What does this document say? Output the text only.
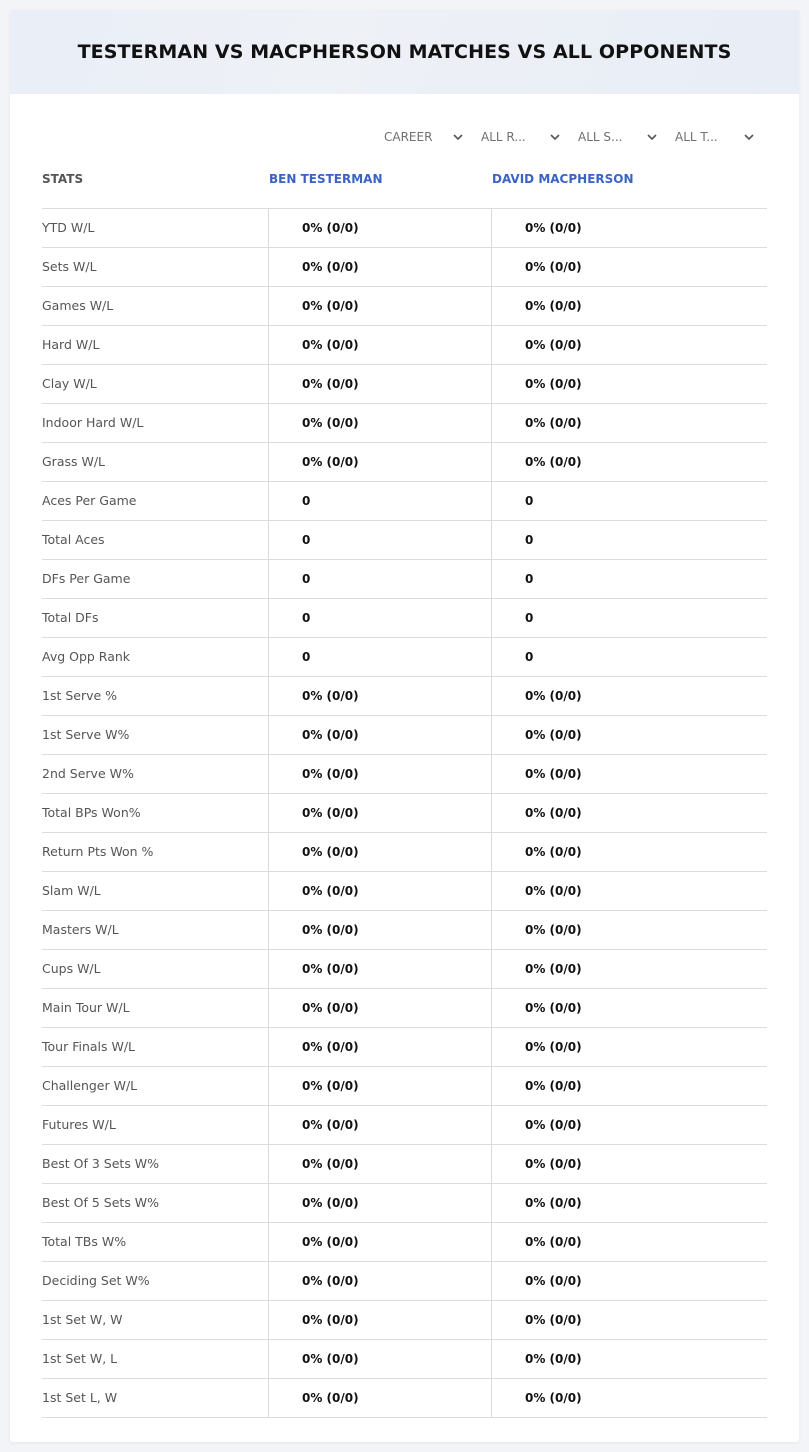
TESTERMAN VS MACPHERSON MATCHES VS ALL OPPONENTS
CAREER	ALL R...	ALL S...	ALL T...
STATS	BEN TESTERMAN	DAVID MACPHERSON
YTD W/L	0% (0/0)	0% (0/0)
Sets W/L	0% (0/0)	0% (0/0)
Games W/L	0% (0/0)	0% (0/0)
Hard W/L	0% (0/0)	0% (0/0)
Clay W/L	0% (0/0)	0% (0/0)
Indoor Hard W/L	0% (0/0)	0% (0/0)
Grass W/L	0% (0/0)	0% (0/0)
Aces Per Game	0	0
Total Aces	0	0
DFs Per Game	0	0
Total DFs	0	0
Avg Opp Rank	0	0
1st Serve %	0% (0/0)	0% (0/0)
1st Serve W%	0% (0/0)	0% (0/0)
2nd Serve W%	0% (0/0)	0% (0/0)
Total BPs Won%	0% (0/0)	0% (0/0)
Return Pts Won %	0% (0/0)	0% (0/0)
Slam W/L	0% (0/0)	0% (0/0)
Masters W/L	0% (0/0)	0% (0/0)
Cups W/L	0% (0/0)	0% (0/0)
Main Tour W/L	0% (0/0)	0% (0/0)
Tour Finals W/L	0% (0/0)	0% (0/0)
Challenger W/L	0% (0/0)	0% (0/0)
Futures W/L	0% (0/0)	0% (0/0)
Best Of 3 Sets W%	0% (0/0)	0% (0/0)
Best Of 5 Sets W%	0% (0/0)	0% (0/0)
Total TBs W%	0% (0/0)	0% (0/0)
Deciding Set W%	0% (0/0)	0% (0/0)
1st Set W, W	0% (0/0)	0% (0/0)
1st Set W, L	0% (0/0)	0% (0/0)
1st Set L, W	0% (0/0)	0% (0/0)
